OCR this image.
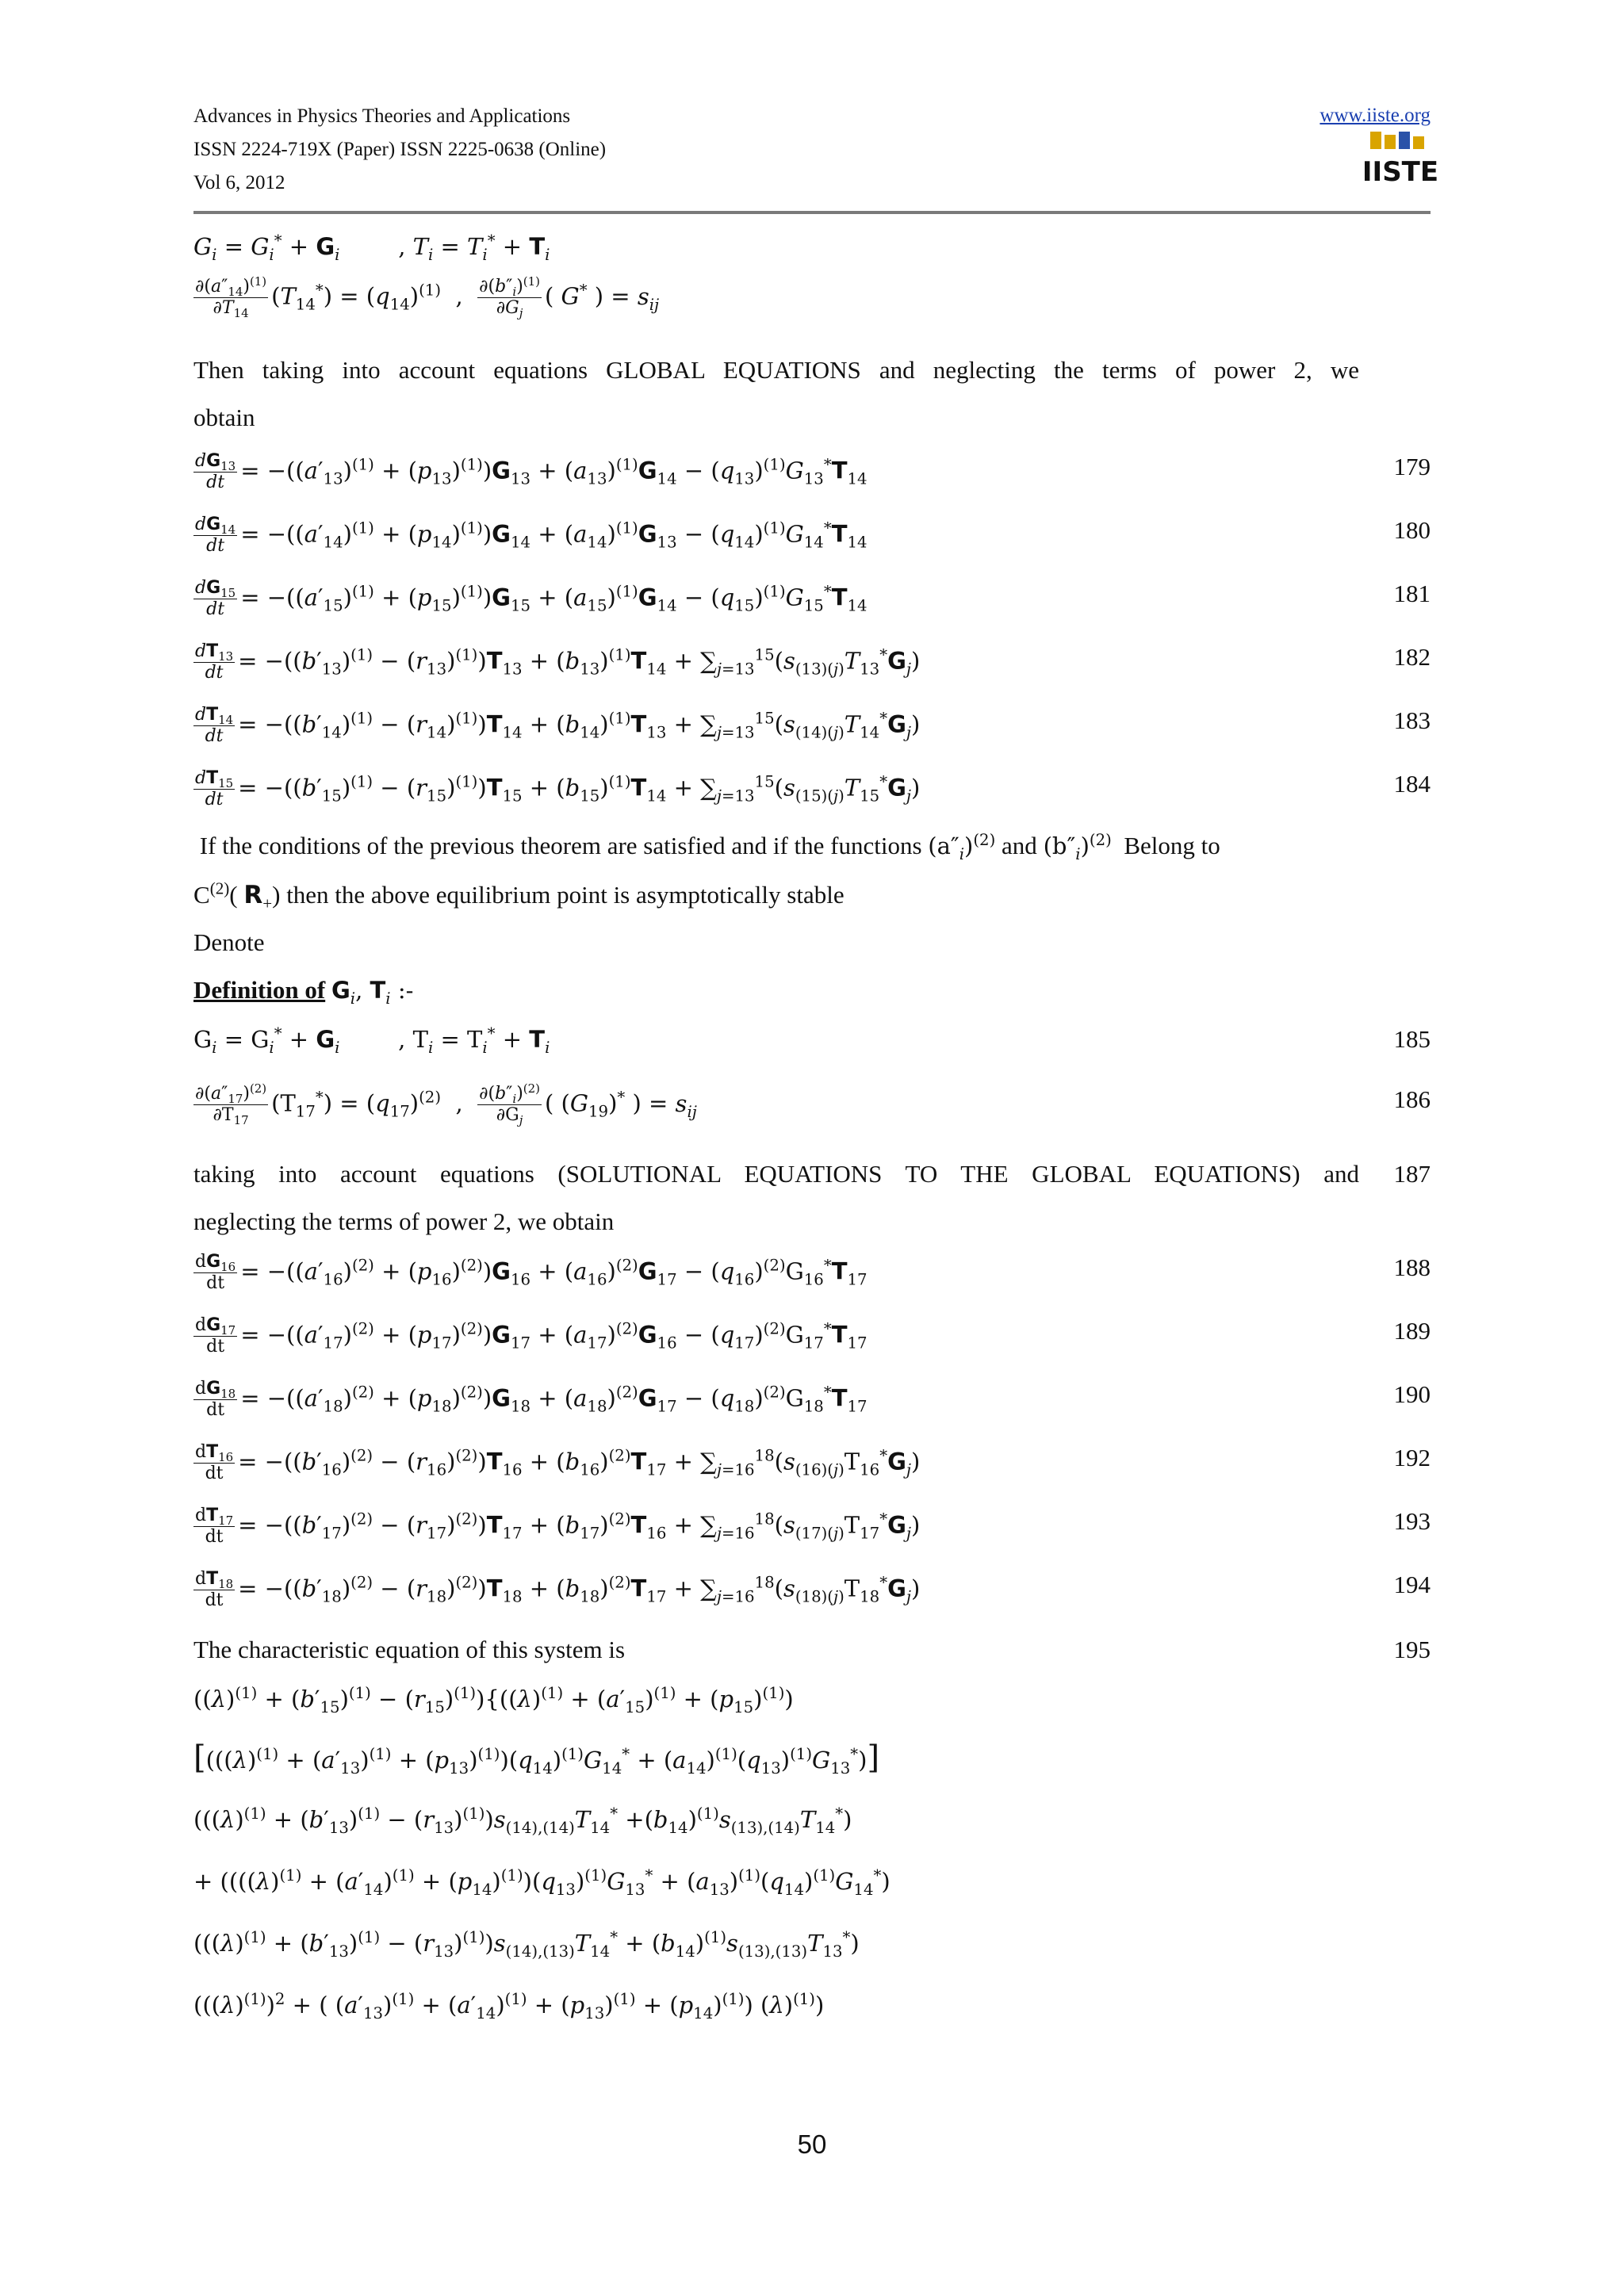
Advances in Physics Theories and Applications
ISSN 2224-719X (Paper) ISSN 2225-0638 (Online)
Vol 6, 2012
www.iiste.org
IISTE
$G_i = G_i^* + G_i$        , $T_i = T_i^* + T_i$
$\frac{\partial(a''_{14})^{(1)}}{\partial T_{14}} (T_{14}^*) = (q_{14})^{(1)}$  , $\frac{\partial(b''_i)^{(1)}}{\partial G_j}$ ( G* ) = $s_{ij}$
Then taking into account equations GLOBAL EQUATIONS and neglecting the terms of power 2, we
obtain
$\frac{dG_{13}}{dt} = -((a'_{13})^{(1)} + (p_{13})^{(1)})G_{13} + (a_{13})^{(1)}G_{14} - (q_{13})^{(1)}G_{13}^*T_{14}$	179
$\frac{dG_{14}}{dt} = -((a'_{14})^{(1)} + (p_{14})^{(1)})G_{14} + (a_{14})^{(1)}G_{13} - (q_{14})^{(1)}G_{14}^*T_{14}$	180
$\frac{dG_{15}}{dt} = -((a'_{15})^{(1)} + (p_{15})^{(1)})G_{15} + (a_{15})^{(1)}G_{14} - (q_{15})^{(1)}G_{15}^*T_{14}$	181
$\frac{dT_{13}}{dt} = -((b'_{13})^{(1)} - (r_{13})^{(1)})T_{13} + (b_{13})^{(1)}T_{14} + \sum_{j=13}^{15}(s_{(13)(j)}T_{13}^*G_j)$	182
$\frac{dT_{14}}{dt} = -((b'_{14})^{(1)} - (r_{14})^{(1)})T_{14} + (b_{14})^{(1)}T_{13} + \sum_{j=13}^{15}(s_{(14)(j)}T_{14}^*G_j)$	183
$\frac{dT_{15}}{dt} = -((b'_{15})^{(1)} - (r_{15})^{(1)})T_{15} + (b_{15})^{(1)}T_{14} + \sum_{j=13}^{15}(s_{(15)(j)}T_{15}^*G_j)$	184
If the conditions of the previous theorem are satisfied and if the functions $(a''_i)^{(2)}$ and $(b''_i)^{(2)}$ Belong to
$C^{(2)}$( $R_+$) then the above equilibrium point is asymptotically stable
Denote
Definition of $G_i$, $T_i$ :-
$G_i = G_i^* + G_i$        , $T_i = T_i^* + T_i$	185
$\frac{\partial(a''_{17})^{(2)}}{\partial T_{17}} (T_{17}^*) = (q_{17})^{(2)}$  , $\frac{\partial(b''_i)^{(2)}}{\partial G_j}$ ( $(G_{19})^*$ ) = $s_{ij}$	186
taking into account equations (SOLUTIONAL EQUATIONS TO THE GLOBAL EQUATIONS) and 187
neglecting the terms of power 2, we obtain
$\frac{dG_{16}}{dt} = -((a'_{16})^{(2)} + (p_{16})^{(2)})G_{16} + (a_{16})^{(2)}G_{17} - (q_{16})^{(2)}G_{16}^*T_{17}$	188
$\frac{dG_{17}}{dt} = -((a'_{17})^{(2)} + (p_{17})^{(2)})G_{17} + (a_{17})^{(2)}G_{16} - (q_{17})^{(2)}G_{17}^*T_{17}$	189
$\frac{dG_{18}}{dt} = -((a'_{18})^{(2)} + (p_{18})^{(2)})G_{18} + (a_{18})^{(2)}G_{17} - (q_{18})^{(2)}G_{18}^*T_{17}$	190
$\frac{dT_{16}}{dt} = -((b'_{16})^{(2)} - (r_{16})^{(2)})T_{16} + (b_{16})^{(2)}T_{17} + \sum_{j=16}^{18}(s_{(16)(j)}T_{16}^*G_j)$	192
$\frac{dT_{17}}{dt} = -((b'_{17})^{(2)} - (r_{17})^{(2)})T_{17} + (b_{17})^{(2)}T_{16} + \sum_{j=16}^{18}(s_{(17)(j)}T_{17}^*G_j)$	193
$\frac{dT_{18}}{dt} = -((b'_{18})^{(2)} - (r_{18})^{(2)})T_{18} + (b_{18})^{(2)}T_{17} + \sum_{j=16}^{18}(s_{(18)(j)}T_{18}^*G_j)$	194
The characteristic equation of this system is	195
$((\lambda)^{(1)} + (b'_{15})^{(1)} - (r_{15})^{(1)})\{((\lambda)^{(1)} + (a'_{15})^{(1)} + (p_{15})^{(1)})$
$[(((\lambda)^{(1)} + (a'_{13})^{(1)} + (p_{13})^{(1)})(q_{14})^{(1)}G_{14}^* + (a_{14})^{(1)}(q_{13})^{(1)}G_{13}^*)]$
$(((\lambda)^{(1)} + (b'_{13})^{(1)} - (r_{13})^{(1)})s_{(14),(14)}T_{14}^* +(b_{14})^{(1)}s_{(13),(14)}T_{14}^*)$
+ ($(((\lambda)^{(1)} + (a'_{14})^{(1)} + (p_{14})^{(1)})(q_{13})^{(1)}G_{13}^* + (a_{13})^{(1)}(q_{14})^{(1)}G_{14}^*)$
$(((\lambda)^{(1)} + (b'_{13})^{(1)} - (r_{13})^{(1)})s_{(14),(13)}T_{14}^* + (b_{14})^{(1)}s_{(13),(13)}T_{13}^*)$
($((\lambda)^{(1)})^2$ + ( $(a'_{13})^{(1)} + (a'_{14})^{(1)} + (p_{13})^{(1)} + (p_{14})^{(1)}$) $(\lambda)^{(1)}$)
50
